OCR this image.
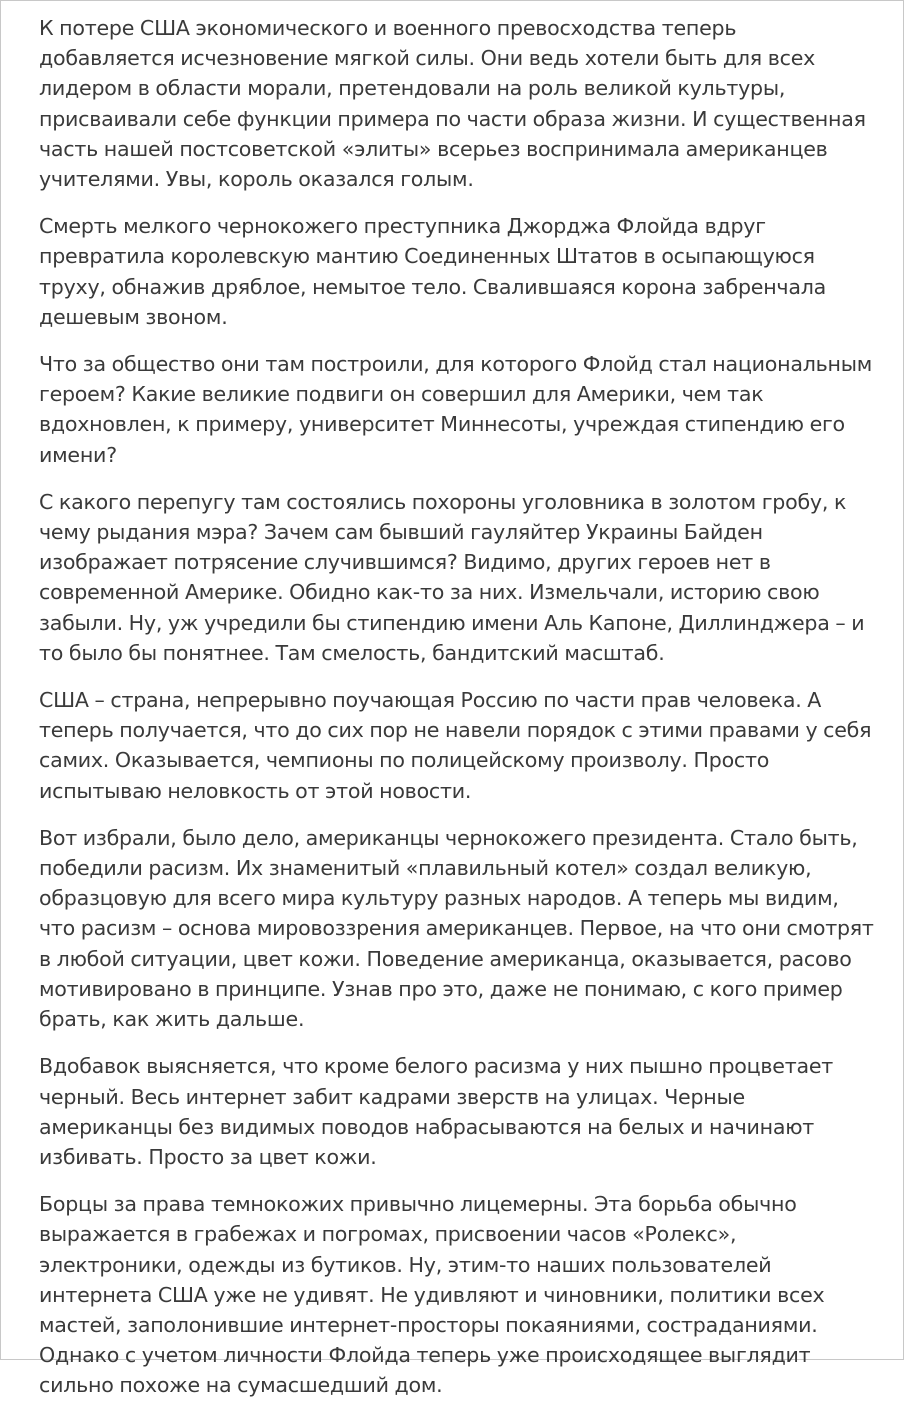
К потере США экономического и военного превосходства теперь добавляется исчезновение мягкой силы. Они ведь хотели быть для всех лидером в области морали, претендовали на роль великой культуры, присваивали себе функции примера по части образа жизни. И существенная часть нашей постсоветской «элиты» всерьез воспринимала американцев учителями. Увы, король оказался голым.

Смерть мелкого чернокожего преступника Джорджа Флойда вдруг превратила королевскую мантию Соединенных Штатов в осыпающуюся труху, обнажив дряблое, немытое тело. Свалившаяся корона забренчала дешевым звоном.

Что за общество они там построили, для которого Флойд стал национальным героем? Какие великие подвиги он совершил для Америки, чем так вдохновлен, к примеру, университет Миннесоты, учреждая стипендию его имени?

С какого перепугу там состоялись похороны уголовника в золотом гробу, к чему рыдания мэра? Зачем сам бывший гауляйтер Украины Байден изображает потрясение случившимся? Видимо, других героев нет в современной Америке. Обидно как-то за них. Измельчали, историю свою забыли. Ну, уж учредили бы стипендию имени Аль Капоне, Диллинджера – и то было бы понятнее. Там смелость, бандитский масштаб.

США – страна, непрерывно поучающая Россию по части прав человека. А теперь получается, что до сих пор не навели порядок с этими правами у себя самих. Оказывается, чемпионы по полицейскому произволу. Просто испытываю неловкость от этой новости.

Вот избрали, было дело, американцы чернокожего президента. Стало быть, победили расизм. Их знаменитый «плавильный котел» создал великую, образцовую для всего мира культуру разных народов. А теперь мы видим, что расизм – основа мировоззрения американцев. Первое, на что они смотрят в любой ситуации, цвет кожи. Поведение американца, оказывается, расово мотивировано в принципе. Узнав про это, даже не понимаю, с кого пример брать, как жить дальше.

Вдобавок выясняется, что кроме белого расизма у них пышно процветает черный. Весь интернет забит кадрами зверств на улицах. Черные американцы без видимых поводов набрасываются на белых и начинают избивать. Просто за цвет кожи.

Борцы за права темнокожих привычно лицемерны. Эта борьба обычно выражается в грабежах и погромах, присвоении часов «Ролекс», электроники, одежды из бутиков. Ну, этим-то наших пользователей интернета США уже не удивят. Не удивляют и чиновники, политики всех мастей, заполонившие интернет-просторы покаяниями, состраданиями. Однако с учетом личности Флойда теперь уже происходящее выглядит сильно похоже на сумасшедший дом.
